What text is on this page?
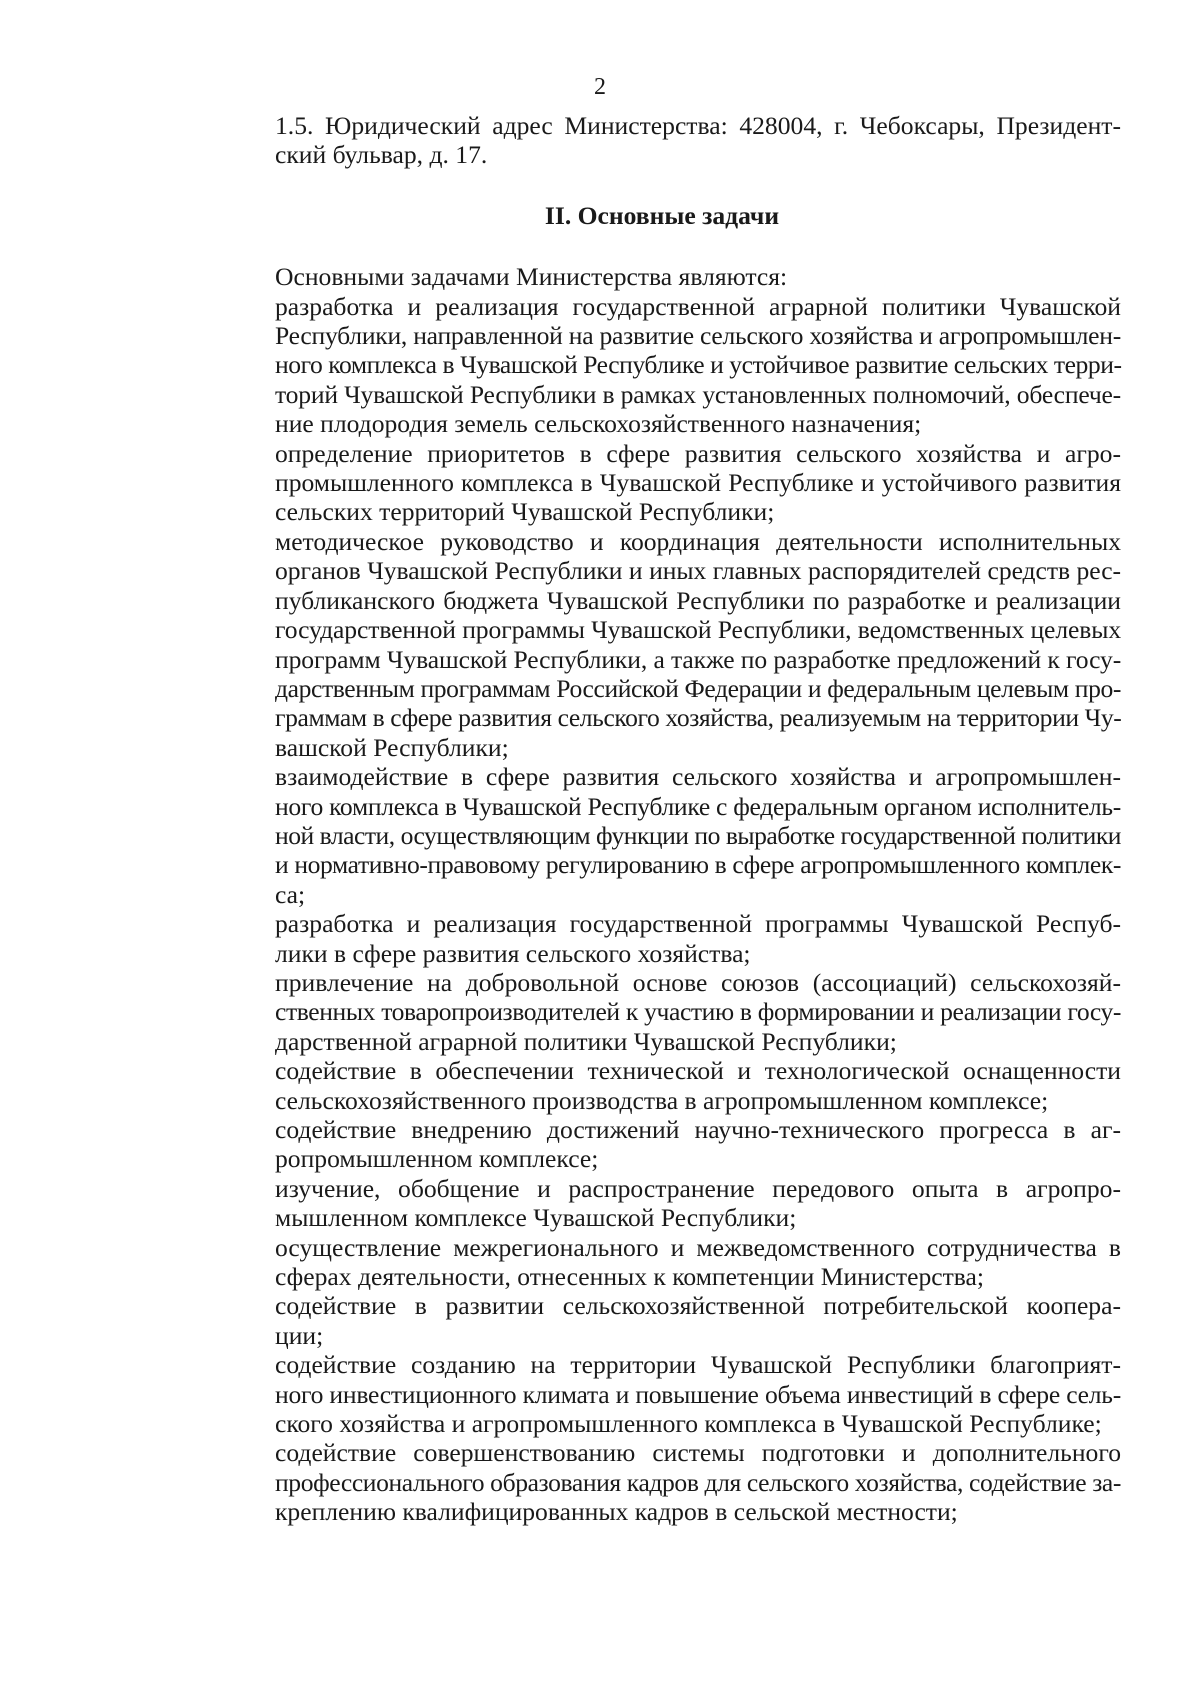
2

1.5. Юридический адрес Министерства: 428004, г. Чебоксары, Президент-
ский бульвар, д. 17.

II. Основные задачи

Основными задачами Министерства являются:

разработка и реализация государственной аграрной политики Чувашской
Республики, направленной на развитие сельского хозяйства и агропромышлен-
ного комплекса в Чувашской Республике и устойчивое развитие сельских терри-
торий Чувашской Республики в рамках установленных полномочий, обеспече-
ние плодородия земель сельскохозяйственного назначения;

определение приоритетов в сфере развития сельского хозяйства и агро-
промышленного комплекса в Чувашской Республике и устойчивого развития
сельских территорий Чувашской Республики;

методическое руководство и координация деятельности исполнительных
органов Чувашской Республики и иных главных распорядителей средств рес-
публиканского бюджета Чувашской Республики по разработке и реализации
государственной программы Чувашской Республики, ведомственных целевых
программ Чувашской Республики, а также по разработке предложений к госу-
дарственным программам Российской Федерации и федеральным целевым про-
граммам в сфере развития сельского хозяйства, реализуемым на территории Чу-
вашской Республики;

взаимодействие в сфере развития сельского хозяйства и агропромышлен-
ного комплекса в Чувашской Республике с федеральным органом исполнитель-
ной власти, осуществляющим функции по выработке государственной политики
и нормативно-правовому регулированию в сфере агропромышленного комплек-
са;

разработка и реализация государственной программы Чувашской Респуб-
лики в сфере развития сельского хозяйства;

привлечение на добровольной основе союзов (ассоциаций) сельскохозяй-
ственных товаропроизводителей к участию в формировании и реализации госу-
дарственной аграрной политики Чувашской Республики;

содействие в обеспечении технической и технологической оснащенности
сельскохозяйственного производства в агропромышленном комплексе;

содействие внедрению достижений научно-технического прогресса в аг-
ропромышленном комплексе;

изучение, обобщение и распространение передового опыта в агропро-
мышленном комплексе Чувашской Республики;

осуществление межрегионального и межведомственного сотрудничества в
сферах деятельности, отнесенных к компетенции Министерства;

содействие в развитии сельскохозяйственной потребительской коопера-
ции;

содействие созданию на территории Чувашской Республики благоприят-
ного инвестиционного климата и повышение объема инвестиций в сфере сель-
ского хозяйства и агропромышленного комплекса в Чувашской Республике;

содействие совершенствованию системы подготовки и дополнительного
профессионального образования кадров для сельского хозяйства, содействие за-
креплению квалифицированных кадров в сельской местности;
